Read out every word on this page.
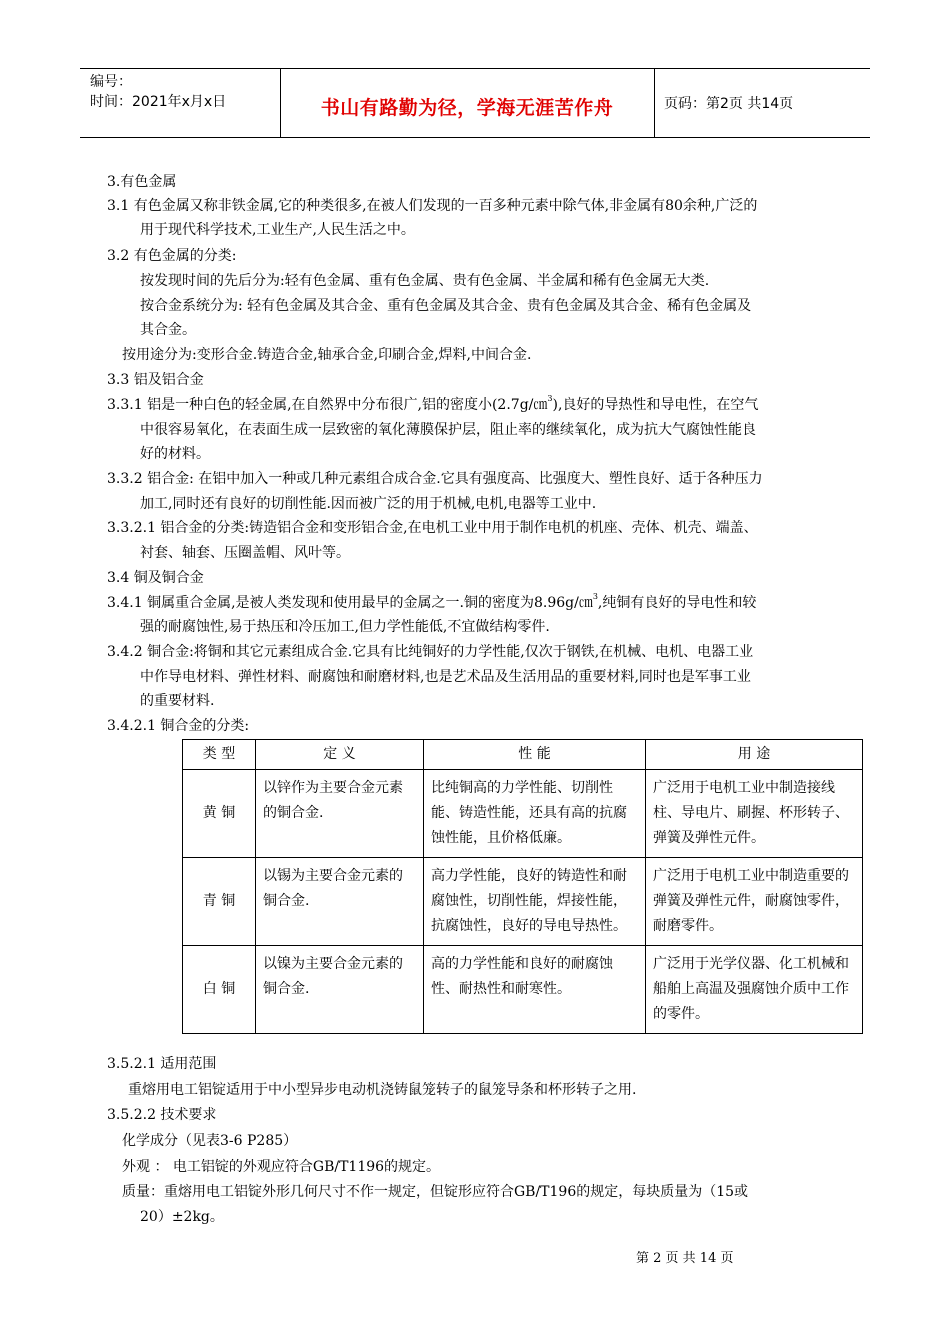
编号：
时间：2021年x月x日	书山有路勤为径，学海无涯苦作舟	页码：第2页 共14页
3.有色金属
3.1 有色金属又称非铁金属,它的种类很多,在被人们发现的一百多种元素中除气体,非金属有80余种,广泛的
用于现代科学技术,工业生产,人民生活之中。
3.2 有色金属的分类:
按发现时间的先后分为:轻有色金属、重有色金属、贵有色金属、半金属和稀有色金属无大类.
按合金系统分为: 轻有色金属及其合金、重有色金属及其合金、贵有色金属及其合金、稀有色金属及
其合金。
按用途分为:变形合金.铸造合金,轴承合金,印刷合金,焊料,中间合金.
3.3 铝及铝合金
3.3.1 铝是一种白色的轻金属,在自然界中分布很广,铝的密度小(2.7g/㎝$^3$),良好的导热性和导电性，在空气
中很容易氧化，在表面生成一层致密的氧化薄膜保护层，阻止率的继续氧化，成为抗大气腐蚀性能良
好的材料。
3.3.2 铝合金: 在铝中加入一种或几种元素组合成合金.它具有强度高、比强度大、塑性良好、适于各种压力
加工,同时还有良好的切削性能.因而被广泛的用于机械,电机,电器等工业中.
3.3.2.1 铝合金的分类:铸造铝合金和变形铝合金,在电机工业中用于制作电机的机座、壳体、机壳、端盖、
衬套、轴套、压圈盖帽、风叶等。
3.4 铜及铜合金
3.4.1 铜属重合金属,是被人类发现和使用最早的金属之一.铜的密度为8.96g/㎝$^3$,纯铜有良好的导电性和较
强的耐腐蚀性,易于热压和冷压加工,但力学性能低,不宜做结构零件.
3.4.2 铜合金:将铜和其它元素组成合金.它具有比纯铜好的力学性能,仅次于钢铁,在机械、电机、电器工业
中作导电材料、弹性材料、耐腐蚀和耐磨材料,也是艺术品及生活用品的重要材料,同时也是军事工业
的重要材料.
3.4.2.1 铜合金的分类:
类 型	定 义	性 能	用 途
黄 铜	以锌作为主要合金元素的铜合金.	比纯铜高的力学性能、切削性能、铸造性能，还具有高的抗腐蚀性能，且价格低廉。	广泛用于电机工业中制造接线柱、导电片、刷握、杯形转子、弹簧及弹性元件。
青 铜	以锡为主要合金元素的铜合金.	高力学性能，良好的铸造性和耐腐蚀性，切削性能，焊接性能，抗腐蚀性，良好的导电导热性。	广泛用于电机工业中制造重要的弹簧及弹性元件，耐腐蚀零件，耐磨零件。
白 铜	以镍为主要合金元素的铜合金.	高的力学性能和良好的耐腐蚀性、耐热性和耐寒性。	广泛用于光学仪器、化工机械和船舶上高温及强腐蚀介质中工作的零件。
3.5.2.1 适用范围
重熔用电工铝锭适用于中小型异步电动机浇铸鼠笼转子的鼠笼导条和杯形转子之用.
3.5.2.2 技术要求
化学成分（见表3-6 P285）
外观 ： 电工铝锭的外观应符合GB/T1196的规定。
质量：重熔用电工铝锭外形几何尺寸不作一规定，但锭形应符合GB/T196的规定，每块质量为（15或
20）±2kg。
第 2 页 共 14 页
